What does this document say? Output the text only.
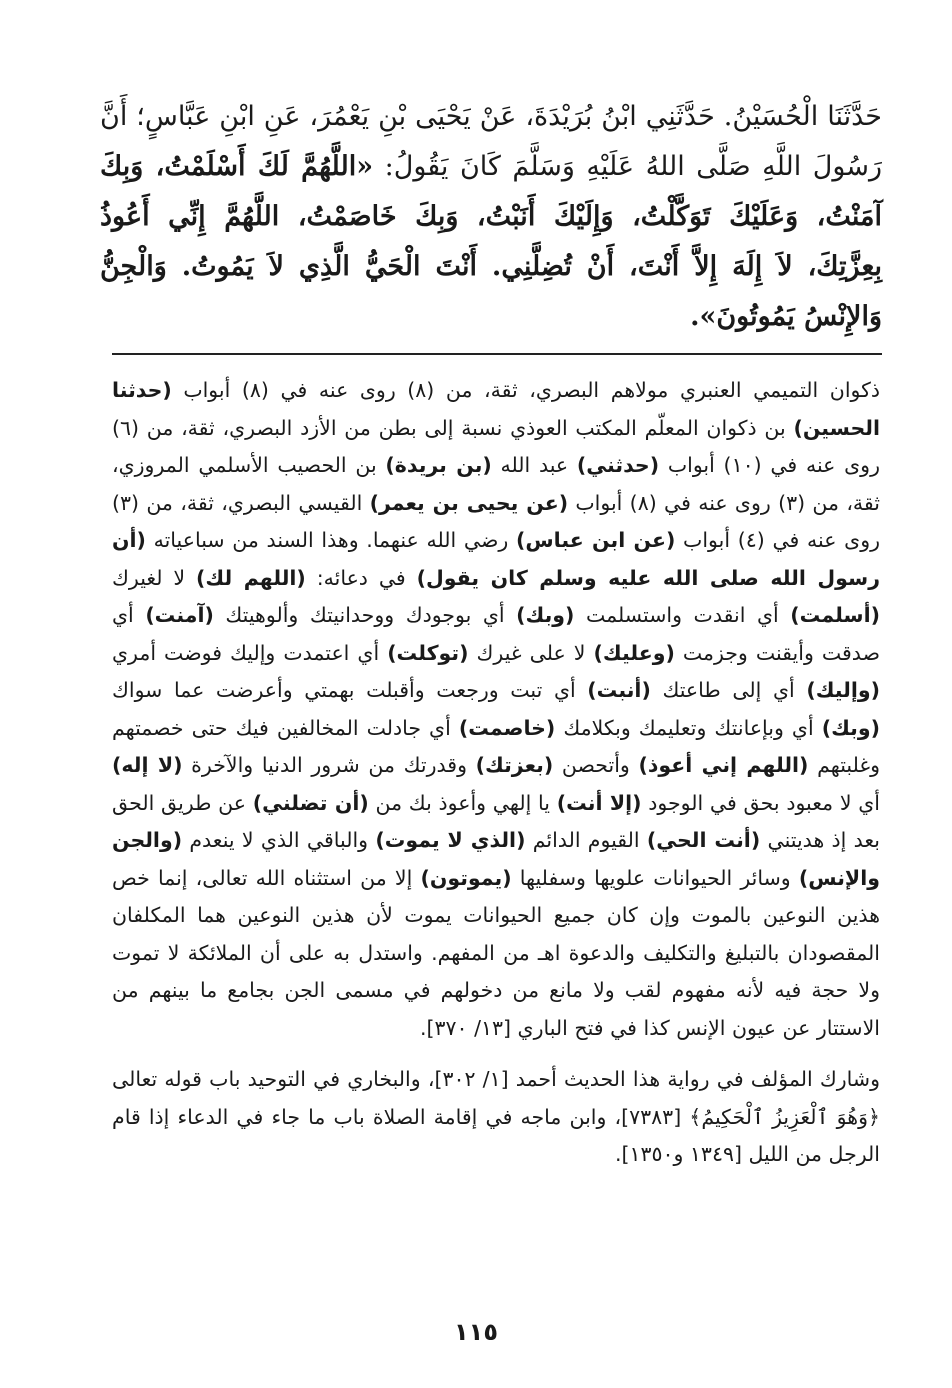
حَدَّثَنَا الْحُسَيْنُ. حَدَّثَنِي ابْنُ بُرَيْدَةَ، عَنْ يَحْيَى بْنِ يَعْمُرَ، عَنِ ابْنِ عَبَّاسٍ؛ أَنَّ رَسُولَ اللَّهِ صَلَّى اللهُ عَلَيْهِ وَسَلَّمَ كَانَ يَقُولُ: «اللَّهُمَّ لَكَ أَسْلَمْتُ، وَبِكَ آمَنْتُ، وَعَلَيْكَ تَوَكَّلْتُ، وَإِلَيْكَ أَنَبْتُ، وَبِكَ خَاصَمْتُ، اللَّهُمَّ إِنِّي أَعُوذُ بِعِزَّتِكَ، لاَ إِلَهَ إِلاَّ أَنْتَ، أَنْ تُضِلَّنِي. أَنْتَ الْحَيُّ الَّذِي لاَ يَمُوتُ. وَالْجِنُّ وَالإِنْسُ يَمُوتُونَ».

ذكوان التميمي العنبري مولاهم البصري، ثقة، من (٨) روى عنه في (٨) أبواب (حدثنا الحسين) بن ذكوان المعلّم المكتب العوذي نسبة إلى بطن من الأزد البصري، ثقة، من (٦) روى عنه في (١٠) أبواب (حدثني) عبد الله (بن بريدة) بن الحصيب الأسلمي المروزي، ثقة، من (٣) روى عنه في (٨) أبواب (عن يحيى بن يعمر) القيسي البصري، ثقة، من (٣) روى عنه في (٤) أبواب (عن ابن عباس) رضي الله عنهما. وهذا السند من سباعياته (أن رسول الله صلى الله عليه وسلم كان يقول) في دعائه: (اللهم لك) لا لغيرك (أسلمت) أي انقدت واستسلمت (وبك) أي بوجودك ووحدانيتك وألوهيتك (آمنت) أي صدقت وأيقنت وجزمت (وعليك) لا على غيرك (توكلت) أي اعتمدت وإليك فوضت أمري (وإليك) أي إلى طاعتك (أنبت) أي تبت ورجعت وأقبلت بهمتي وأعرضت عما سواك (وبك) أي وبإعانتك وتعليمك وبكلامك (خاصمت) أي جادلت المخالفين فيك حتى خصمتهم وغلبتهم (اللهم إني أعوذ) وأتحصن (بعزتك) وقدرتك من شرور الدنيا والآخرة (لا إله) أي لا معبود بحق في الوجود (إلا أنت) يا إلهي وأعوذ بك من (أن تضلني) عن طريق الحق بعد إذ هديتني (أنت الحي) القيوم الدائم (الذي لا يموت) والباقي الذي لا ينعدم (والجن والإنس) وسائر الحيوانات علويها وسفليها (يموتون) إلا من استثناه الله تعالى، إنما خص هذين النوعين بالموت وإن كان جميع الحيوانات يموت لأن هذين النوعين هما المكلفان المقصودان بالتبليغ والتكليف والدعوة اهـ من المفهم. واستدل به على أن الملائكة لا تموت ولا حجة فيه لأنه مفهوم لقب ولا مانع من دخولهم في مسمى الجن بجامع ما بينهم من الاستتار عن عيون الإنس كذا في فتح الباري [١٣/ ٣٧٠].

وشارك المؤلف في رواية هذا الحديث أحمد [١/ ٣٠٢]، والبخاري في التوحيد باب قوله تعالى ﴿وَهُوَ ٱلْعَزِيزُ ٱلْحَكِيمُ﴾ [٧٣٨٣]، وابن ماجه في إقامة الصلاة باب ما جاء في الدعاء إذا قام الرجل من الليل [١٣٤٩ و١٣٥٠].

١١٥
